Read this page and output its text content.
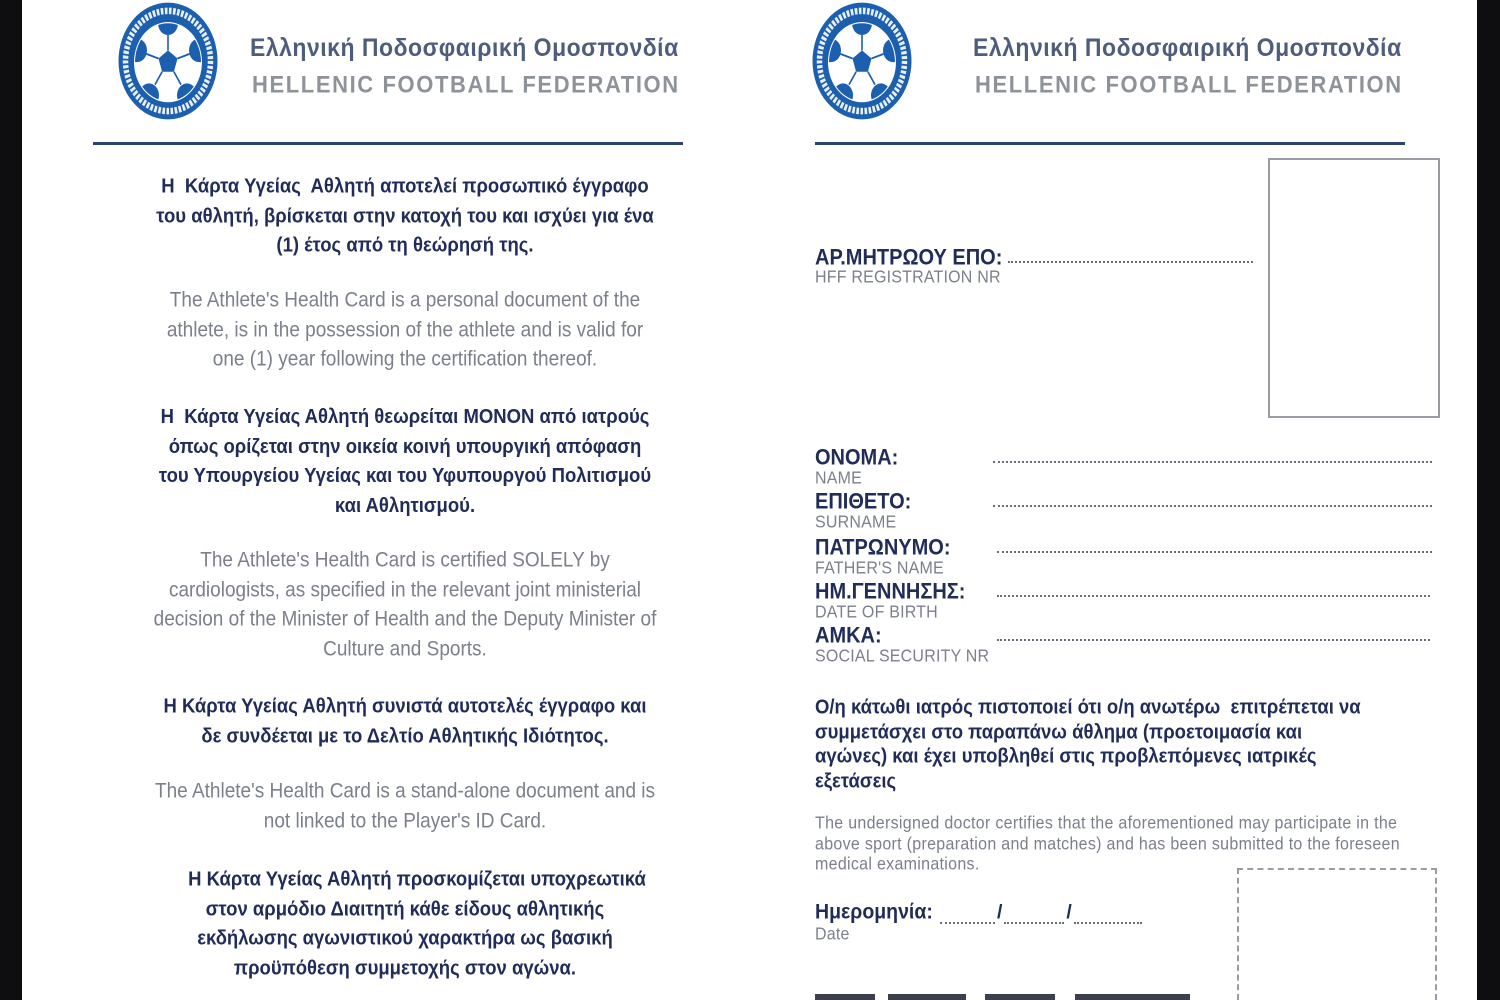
Ελληνική Ποδοσφαιρική Ομοσπονδία
HELLENIC FOOTBALL FEDERATION
Η  Κάρτα Υγείας  Αθλητή αποτελεί προσωπικό έγγραφο
του αθλητή, βρίσκεται στην κατοχή του και ισχύει για ένα
(1) έτος από τη θεώρησή της.
The Athlete's Health Card is a personal document of the
athlete, is in the possession of the athlete and is valid for
one (1) year following the certification thereof.
Η  Κάρτα Υγείας Αθλητή θεωρείται ΜΟΝΟΝ από ιατρούς
όπως ορίζεται στην οικεία κοινή υπουργική απόφαση
του Υπουργείου Υγείας και του Υφυπουργού Πολιτισμού
και Αθλητισμού.
The Athlete's Health Card is certified SOLELY by
cardiologists, as specified in the relevant joint ministerial
decision of the Minister of Health and the Deputy Minister of
Culture and Sports.
Η Κάρτα Υγείας Αθλητή συνιστά αυτοτελές έγγραφο και
δε συνδέεται με το Δελτίο Αθλητικής Ιδιότητος.
The Athlete's Health Card is a stand-alone document and is
not linked to the Player's ID Card.
Η Κάρτα Υγείας Αθλητή προσκομίζεται υποχρεωτικά
στον αρμόδιο Διαιτητή κάθε είδους αθλητικής
εκδήλωσης αγωνιστικού χαρακτήρα ως βασική
προϋπόθεση συμμετοχής στον αγώνα.
Ελληνική Ποδοσφαιρική Ομοσπονδία
HELLENIC FOOTBALL FEDERATION
ΑΡ.ΜΗΤΡΩΟΥ ΕΠΟ:
HFF REGISTRATION NR
ΟΝΟΜΑ:
NAME
ΕΠΙΘΕΤΟ:
SURNAME
ΠΑΤΡΩΝΥΜΟ:
FATHER'S NAME
ΗΜ.ΓΕΝΝΗΣΗΣ:
DATE OF BIRTH
ΑΜΚΑ:
SOCIAL SECURITY NR
Ο/η κάτωθι ιατρός πιστοποιεί ότι ο/η ανωτέρω  επιτρέπεται να
συμμετάσχει στο παραπάνω άθλημα (προετοιμασία και
αγώνες) και έχει υποβληθεί στις προβλεπόμενες ιατρικές
εξετάσεις
The undersigned doctor certifies that the aforementioned may participate in the
above sport (preparation and matches) and has been submitted to the foreseen
medical examinations.
Ημερομηνία:	/	/
Date
